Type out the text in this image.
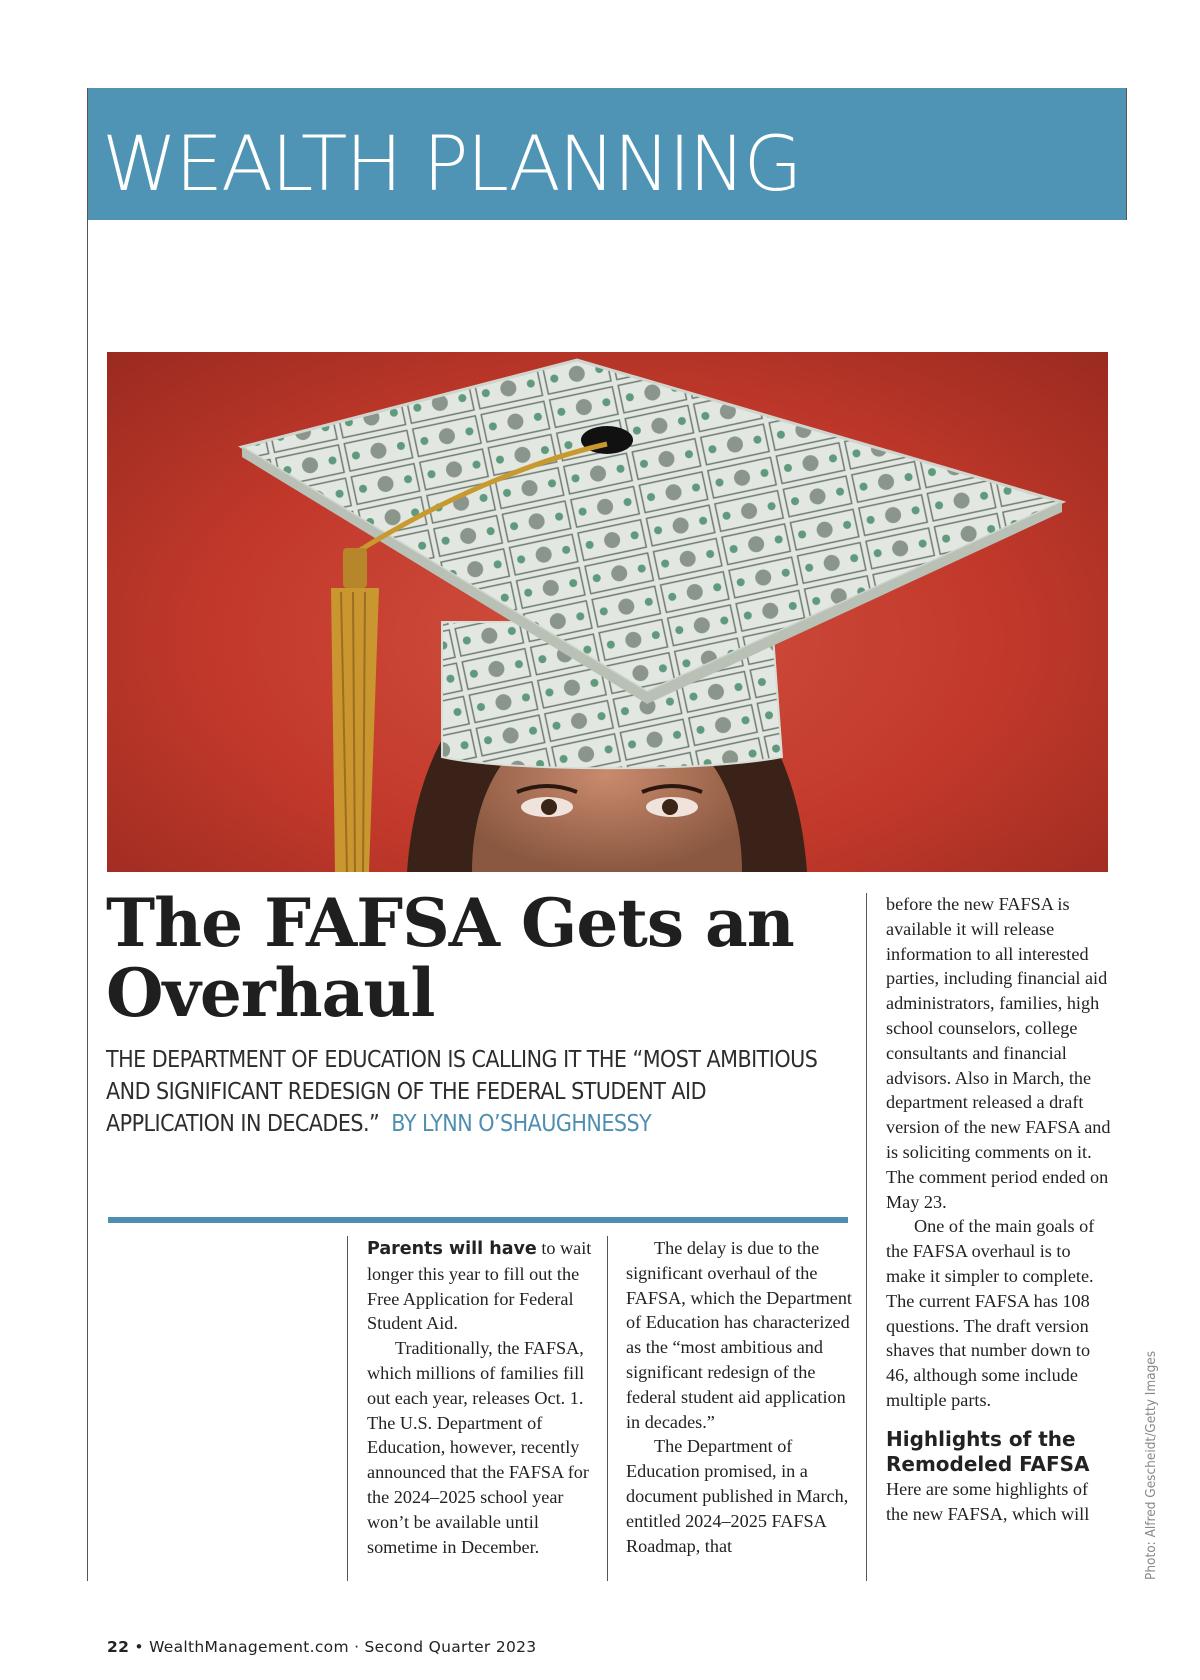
WEALTH PLANNING
The FAFSA Gets an Overhaul
THE DEPARTMENT OF EDUCATION IS CALLING IT THE “MOST AMBITIOUS AND SIGNIFICANT REDESIGN OF THE FEDERAL STUDENT AID APPLICATION IN DECADES.” BY LYNN O’SHAUGHNESSY

Parents will have to wait longer this year to fill out the Free Application for Federal Student Aid.

Traditionally, the FAFSA, which millions of families fill out each year, releases Oct. 1. The U.S. Department of Education, however, recently announced that the FAFSA for the 2024–2025 school year won’t be available until sometime in December.

The delay is due to the significant overhaul of the FAFSA, which the Department of Education has characterized as the “most ambitious and significant redesign of the federal student aid application in decades.”

The Department of Education promised, in a document published in March, entitled 2024–2025 FAFSA Roadmap, that

before the new FAFSA is available it will release information to all interested parties, including financial aid administrators, families, high school counselors, college consultants and financial advisors. Also in March, the department released a draft version of the new FAFSA and is soliciting comments on it. The comment period ended on May 23.

One of the main goals of the FAFSA overhaul is to make it simpler to complete. The current FAFSA has 108 questions. The draft version shaves that number down to 46, although some include multiple parts.

Highlights of the Remodeled FAFSA

Here are some highlights of the new FAFSA, which will	Photo: Alfred Gescheidt/Getty Images
22 • WealthManagement.com · Second Quarter 2023
